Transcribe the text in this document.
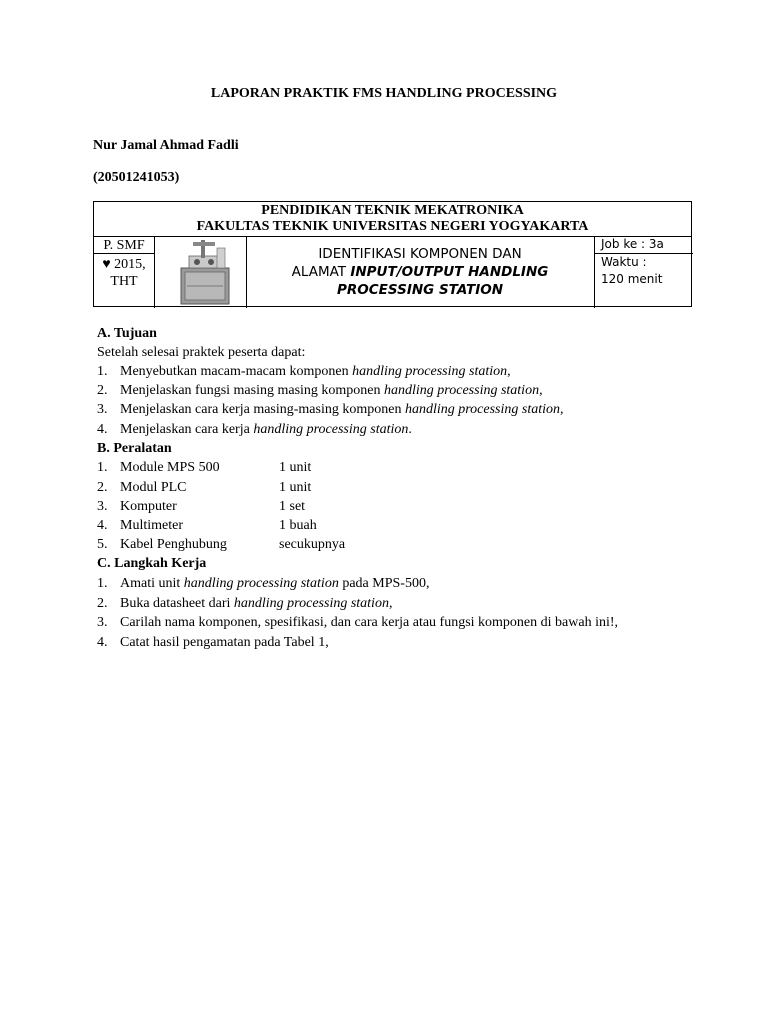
LAPORAN PRAKTIK FMS HANDLING PROCESSING
Nur Jamal Ahmad Fadli
(20501241053)
PENDIDIKAN TEKNIK MEKATRONIKA
FAKULTAS TEKNIK UNIVERSITAS NEGERI YOGYAKARTA
P. SMF
♥ 2015,
THT
IDENTIFIKASI KOMPONEN DAN
ALAMAT INPUT/OUTPUT HANDLING
PROCESSING STATION
Job ke : 3a
Waktu :
120 menit
A. Tujuan
Setelah selesai praktek peserta dapat:
1. Menyebutkan macam-macam komponen handling processing station,
2. Menjelaskan fungsi masing masing komponen handling processing station,
3. Menjelaskan cara kerja masing-masing komponen handling processing station,
4. Menjelaskan cara kerja handling processing station.
B. Peralatan
1. Module MPS 500	1 unit
2. Modul PLC	1 unit
3. Komputer	1 set
4. Multimeter	1 buah
5. Kabel Penghubung	secukupnya
C. Langkah Kerja
1. Amati unit handling processing station pada MPS-500,
2. Buka datasheet dari handling processing station,
3. Carilah nama komponen, spesifikasi, dan cara kerja atau fungsi komponen di bawah ini!,
4. Catat hasil pengamatan pada Tabel 1,
